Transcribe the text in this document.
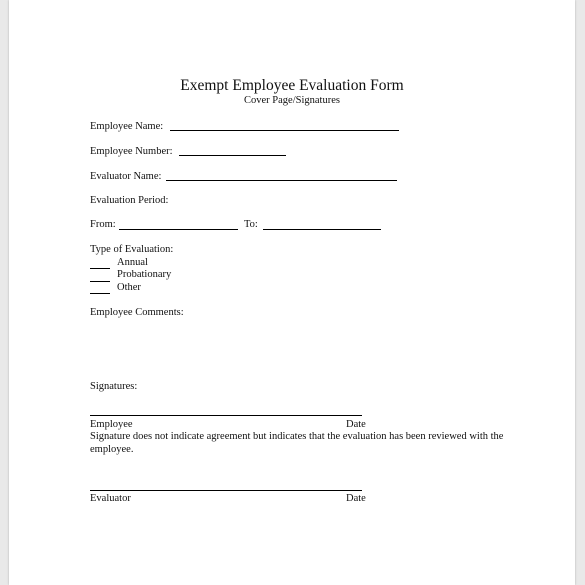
Exempt Employee Evaluation Form
Cover Page/Signatures
Employee Name:
Employee Number:
Evaluator Name:
Evaluation Period:
From:	To:
Type of Evaluation:
Annual
Probationary
Other
Employee Comments:
Signatures:
Employee	Date
Signature does not indicate agreement but indicates that the evaluation has been reviewed with the employee.
Evaluator	Date
